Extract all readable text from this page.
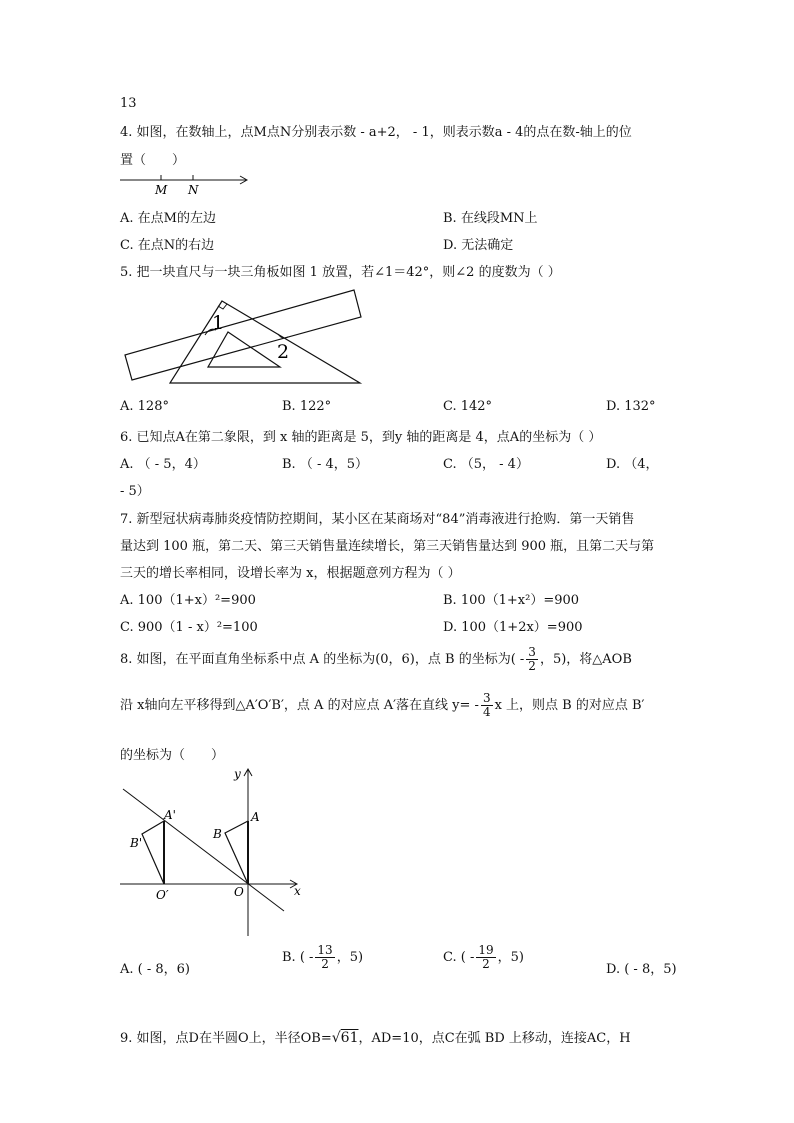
13
4. 如图，在数轴上，点M点N分别表示数 - a+2， - 1，则表示数a - 4的点在数-轴上的位
置（　　）
M N
A. 在点M的左边	B. 在线段MN上
C. 在点N的右边	D. 无法确定
5. 把一块直尺与一块三角板如图 1 放置，若∠1＝42°，则∠2 的度数为（ ）
1
2
A. 128°	B. 122°	C. 142°	D. 132°
6. 已知点A在第二象限，到 x 轴的距离是 5，到y 轴的距离是 4，点A的坐标为（ ）
A. （ - 5，4）	B. （ - 4，5）	C. （5， - 4）	D. （4，
- 5）
7. 新型冠状病毒肺炎疫情防控期间，某小区在某商场对“84”消毒液进行抢购．第一天销售
量达到 100 瓶，第二天、第三天销售量连续增长，第三天销售量达到 900 瓶，且第二天与第
三天的增长率相同，设增长率为 x，根据题意列方程为（ ）
A. 100（1+x）²=900	B. 100（1+x²）=900
C. 900（1 - x）²=100	D. 100（1+2x）=900
8. 如图，在平面直角坐标系中点 A 的坐标为(0，6)，点 B 的坐标为( - $\frac{3}{2}$ ，5)，将△AOB
沿 x轴向左平移得到△A′O′B′，点 A 的对应点 A′落在直线 $y= - \frac{3}{4}$ x 上，则点 B 的对应点 B′
的坐标为（　　）
y
x
A'	A
B'
B
O′	O
A. ( - 8，6)
B. ( - $\frac{13}{2}$ ，5)	C. ( - $\frac{19}{2}$ ，5)
D. ( - 8，5)
9. 如图，点D在半圆O上，半径OB=√61，AD=10，点C在弧 BD 上移动，连接AC，H
